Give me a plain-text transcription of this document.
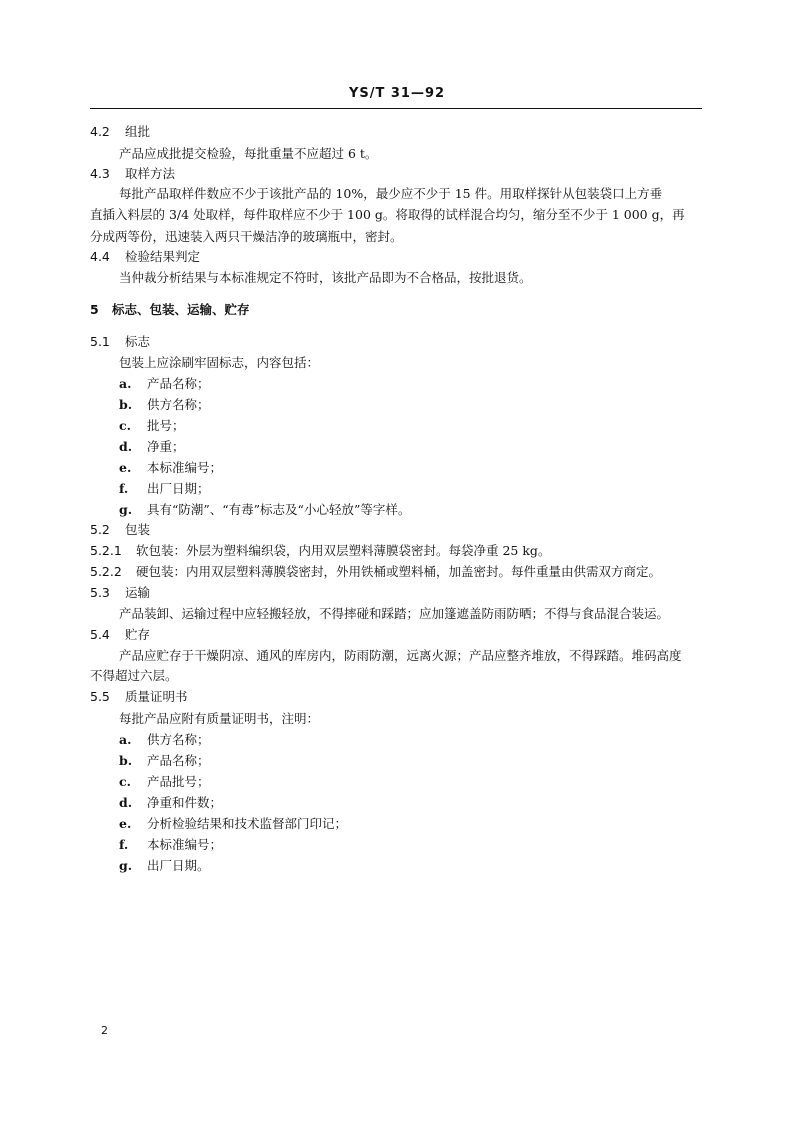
YS/T 31—92
4.2 组批
产品应成批提交检验，每批重量不应超过 6 t。
4.3 取样方法
每批产品取样件数应不少于该批产品的 10%，最少应不少于 15 件。用取样探针从包装袋口上方垂
直插入料层的 3/4 处取样，每件取样应不少于 100 g。将取得的试样混合均匀，缩分至不少于 1 000 g，再
分成两等份，迅速装入两只干燥洁净的玻璃瓶中，密封。
4.4 检验结果判定
当仲裁分析结果与本标准规定不符时，该批产品即为不合格品，按批退货。
5 标志、包装、运输、贮存
5.1 标志
包装上应涂刷牢固标志，内容包括：
a. 产品名称；
b. 供方名称；
c. 批号；
d. 净重；
e. 本标准编号；
f. 出厂日期；
g. 具有“防潮”、“有毒”标志及“小心轻放”等字样。
5.2 包装
5.2.1 软包装：外层为塑料编织袋，内用双层塑料薄膜袋密封。每袋净重 25 kg。
5.2.2 硬包装：内用双层塑料薄膜袋密封，外用铁桶或塑料桶，加盖密封。每件重量由供需双方商定。
5.3 运输
产品装卸、运输过程中应轻搬轻放，不得摔碰和踩踏；应加篷遮盖防雨防晒；不得与食品混合装运。
5.4 贮存
产品应贮存于干燥阴凉、通风的库房内，防雨防潮，远离火源；产品应整齐堆放，不得踩踏。堆码高度
不得超过六层。
5.5 质量证明书
每批产品应附有质量证明书，注明：
a. 供方名称；
b. 产品名称；
c. 产品批号；
d. 净重和件数；
e. 分析检验结果和技术监督部门印记；
f. 本标准编号；
g. 出厂日期。
2
